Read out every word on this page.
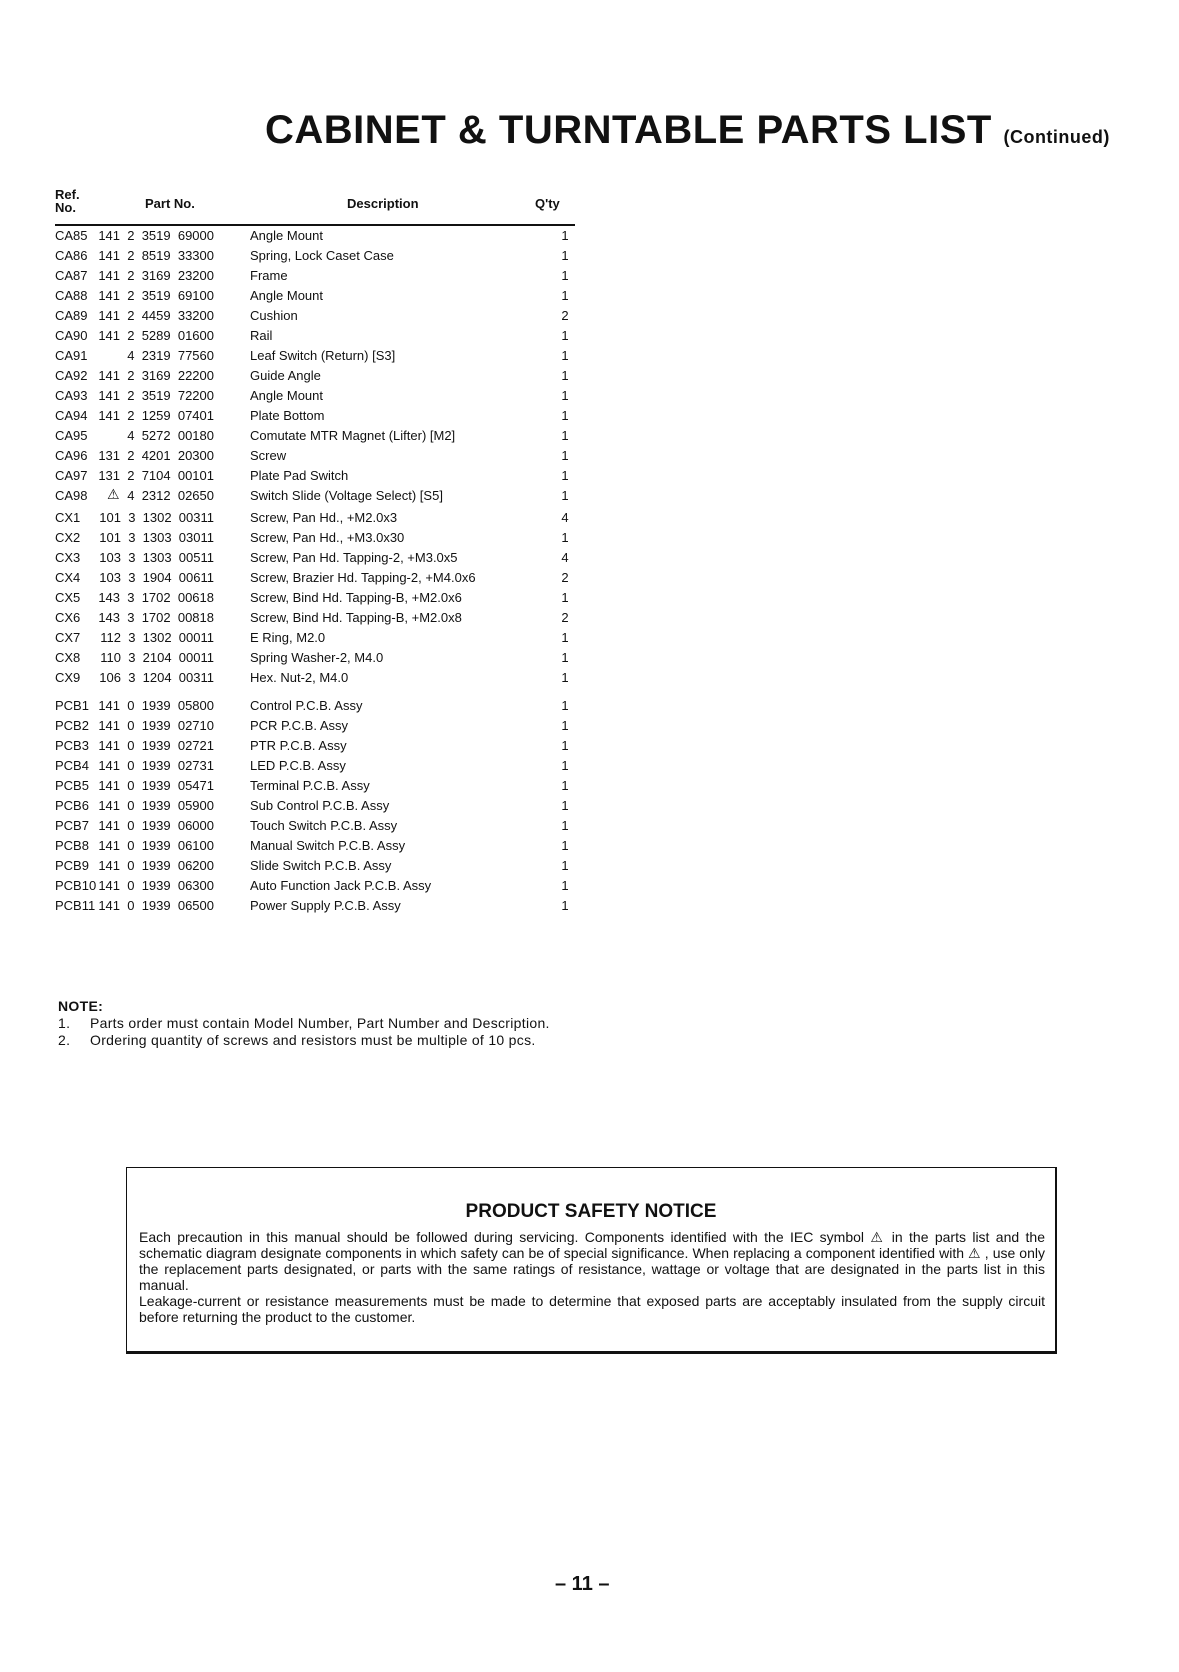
CABINET & TURNTABLE PARTS LIST (Continued)
Ref.
No.	Part No.	Description	Q'ty
CA85 141  2  3519  69000	Angle Mount	1
CA86 141  2  8519  33300	Spring, Lock Caset Case	1
CA87 141  2  3169  23200	Frame	1
CA88 141  2  3519  69100	Angle Mount	1
CA89 141  2  4459  33200	Cushion	2
CA90 141  2  5289  01600	Rail	1
CA91	4  2319  77560	Leaf Switch (Return) [S3]	1
CA92 141  2  3169  22200	Guide Angle	1
CA93 141  2  3519  72200	Angle Mount	1
CA94 141  2  1259  07401	Plate Bottom	1
CA95	4  5272  00180	Comutate MTR Magnet (Lifter) [M2]	1
CA96 131  2  4201  20300	Screw	1
CA97 131  2  7104  00101	Plate Pad Switch	1
CA98	4  2312  02650	Switch Slide (Voltage Select) [S5]	1
⚠
CX1	101  3  1302  00311	Screw, Pan Hd., +M2.0x3	4
CX2	101  3  1303  03011	Screw, Pan Hd., +M3.0x30	1
CX3	103  3  1303  00511	Screw, Pan Hd. Tapping-2, +M3.0x5	4
CX4	103  3  1904  00611	Screw, Brazier Hd. Tapping-2, +M4.0x6	2
CX5	143  3  1702  00618	Screw, Bind Hd. Tapping-B, +M2.0x6	1
CX6	143  3  1702  00818	Screw, Bind Hd. Tapping-B, +M2.0x8	2
CX7	112  3  1302  00011	E Ring, M2.0	1
CX8	110  3  2104  00011	Spring Washer-2, M4.0	1
CX9	106  3  1204  00311	Hex. Nut-2, M4.0	1
PCB1 141  0  1939  05800	Control P.C.B. Assy	1
PCB2 141  0  1939  02710	PCR P.C.B. Assy	1
PCB3 141  0  1939  02721	PTR P.C.B. Assy	1
PCB4 141  0  1939  02731	LED P.C.B. Assy	1
PCB5 141  0  1939  05471	Terminal P.C.B. Assy	1
PCB6 141  0  1939  05900	Sub Control P.C.B. Assy	1
PCB7 141  0  1939  06000	Touch Switch P.C.B. Assy	1
PCB8 141  0  1939  06100	Manual Switch P.C.B. Assy	1
PCB9 141  0  1939  06200	Slide Switch P.C.B. Assy	1
PCB10 141  0  1939  06300	Auto Function Jack P.C.B. Assy	1
PCB11 141  0  1939  06500	Power Supply P.C.B. Assy	1
NOTE:
1. Parts order must contain Model Number, Part Number and Description.
2. Ordering quantity of screws and resistors must be multiple of 10 pcs.
PRODUCT SAFETY NOTICE
Each precaution in this manual should be followed during servicing. Components identified with the IEC symbol ⚠ in the parts list and the schematic diagram designate components in which safety can be of special significance. When replacing a component identified with ⚠ , use only the replacement parts designated, or parts with the same ratings of resistance, wattage or voltage that are designated in the parts list in this manual.
Leakage-current or resistance measurements must be made to determine that exposed parts are acceptably insulated from the supply circuit before returning the product to the customer.
– 11 –
